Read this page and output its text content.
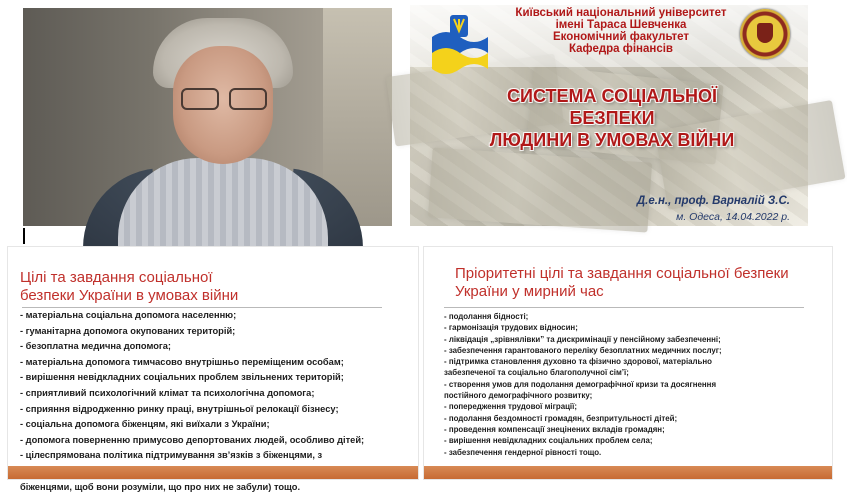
Київський національний університет
імені Тараса Шевченка
Економічний факультет
Кафедра фінансів
СИСТЕМА СОЦІАЛЬНОЇ БЕЗПЕКИ
ЛЮДИНИ В УМОВАХ ВІЙНИ
Д.е.н., проф. Варналій З.С.
м. Одеса, 14.04.2022 р.
Цілі та завдання соціальної
безпеки України в умовах війни
- матеріальна соціальна допомога населенню;
- гуманітарна допомога окупованих територій;
- безоплатна медична допомога;
- матеріальна допомога тимчасово внутрішньо переміщеним особам;
- вирішення невідкладних соціальних проблем звільнених територій;
- сприятливий психологічний клімат та психологічна допомога;
- сприяння відродженню ринку праці, внутрішньої релокації бізнесу;
- соціальна допомога біженцям, які виїхали з України;
- допомога поверненню примусово депортованих людей, особливо дітей;
- цілеспрямована політика підтримування зв’язків з біженцями, з
біженцями, щоб вони розуміли, що про них не забули) тощо.
Пріоритетні цілі та завдання соціальної безпеки
України у мирний час
- подолання бідності;
- гармонізація трудових відносин;
- ліквідація „зрівнялівки” та дискримінації у пенсійному забезпеченні;
- забезпечення гарантованого переліку безоплатних медичних послуг;
- підтримка становлення духовно та фізично здорової, матеріально
забезпеченої та соціально благополучної сім’ї;
- створення умов для подолання демографічної кризи та досягнення
постійного демографічного розвитку;
- попередження трудової міграції;
- подолання бездомності громадян, безпритульності дітей;
- проведення компенсації знецінених вкладів громадян;
- вирішення невідкладних соціальних проблем села;
- забезпечення гендерної рівності тощо.
